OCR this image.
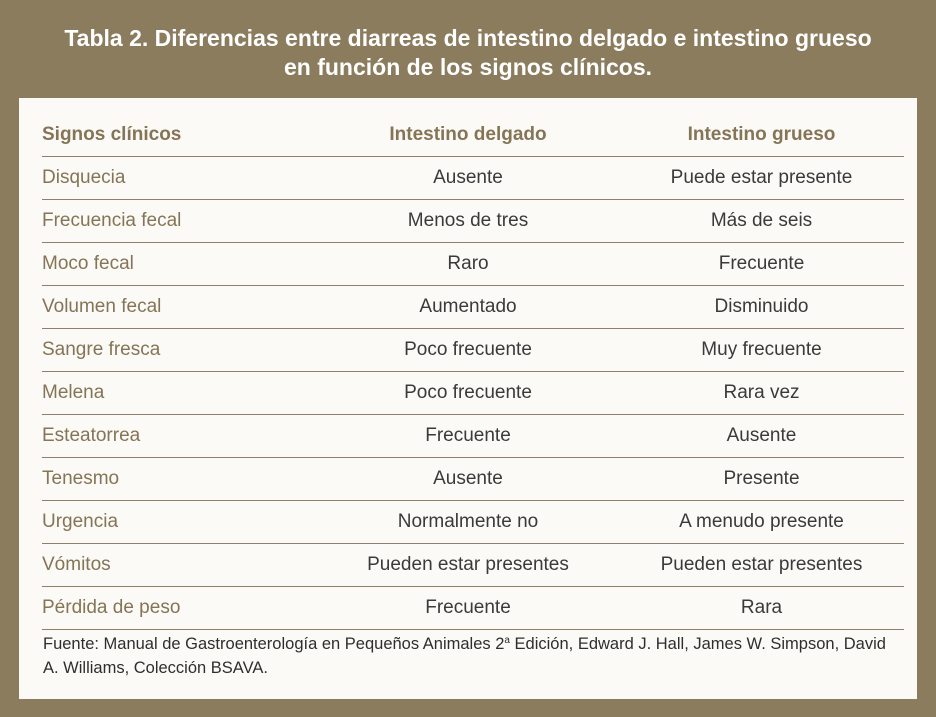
Tabla 2. Diferencias entre diarreas de intestino delgado e intestino grueso
en función de los signos clínicos.
Signos clínicos	Intestino delgado	Intestino grueso
Disquecia	Ausente	Puede estar presente
Frecuencia fecal	Menos de tres	Más de seis
Moco fecal	Raro	Frecuente
Volumen fecal	Aumentado	Disminuido
Sangre fresca	Poco frecuente	Muy frecuente
Melena	Poco frecuente	Rara vez
Esteatorrea	Frecuente	Ausente
Tenesmo	Ausente	Presente
Urgencia	Normalmente no	A menudo presente
Vómitos	Pueden estar presentes	Pueden estar presentes
Pérdida de peso	Frecuente	Rara
Fuente: Manual de Gastroenterología en Pequeños Animales 2$^a$ Edición, Edward J. Hall, James W. Simpson, David A. Williams, Colección BSAVA.
